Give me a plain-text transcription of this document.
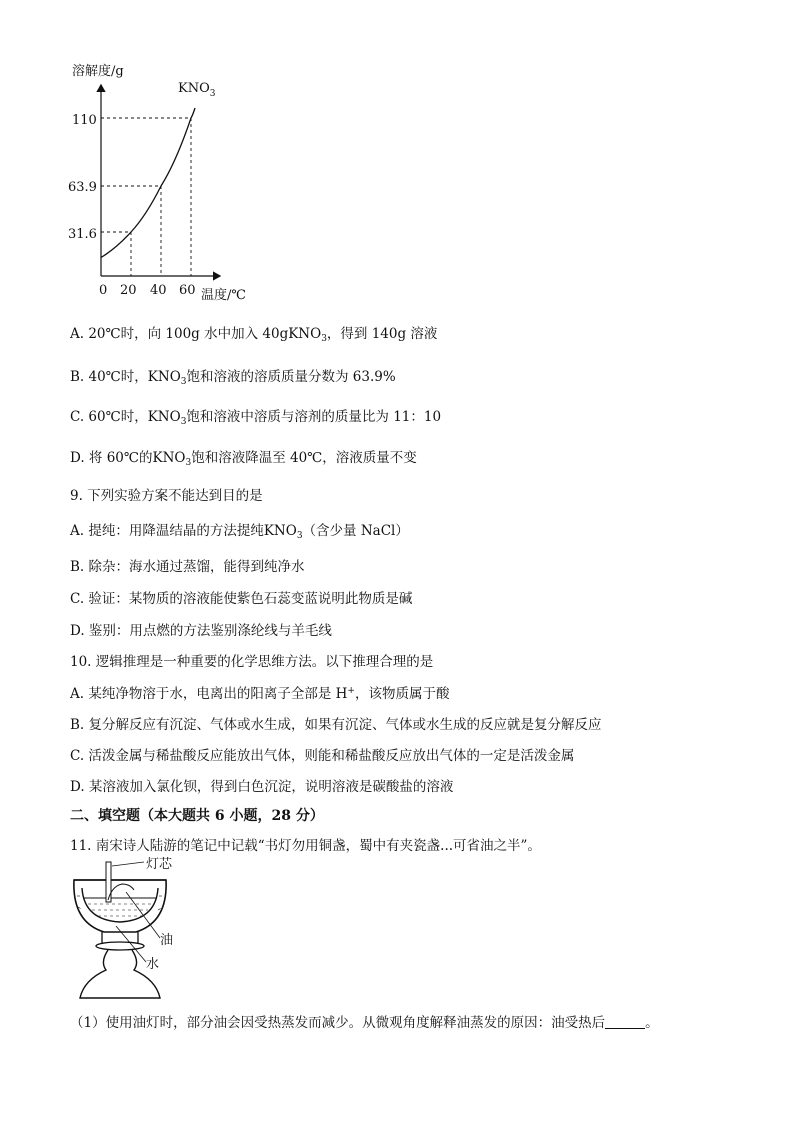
溶解度/g
$KNO_3$
0 20 40 60 温度/℃
110
63.9
31.6
A. 20℃时，向 100g 水中加入 40gKNO$_3$，得到 140g 溶液
B. 40℃时，$KNO_3$饱和溶液的溶质质量分数为 63.9%
C. 60℃时，$KNO_3$饱和溶液中溶质与溶剂的质量比为 11：10
D. 将 60℃的$KNO_3$饱和溶液降温至 40℃，溶液质量不变
9. 下列实验方案不能达到目的是
A. 提纯：用降温结晶的方法提纯$KNO_3$（含少量 NaCl）
B. 除杂：海水通过蒸馏，能得到纯净水
C. 验证：某物质的溶液能使紫色石蕊变蓝说明此物质是碱
D. 鉴别：用点燃的方法鉴别涤纶线与羊毛线
10. 逻辑推理是一种重要的化学思维方法。以下推理合理的是
A. 某纯净物溶于水，电离出的阳离子全部是 H+，该物质属于酸
B. 复分解反应有沉淀、气体或水生成，如果有沉淀、气体或水生成的反应就是复分解反应
C. 活泼金属与稀盐酸反应能放出气体，则能和稀盐酸反应放出气体的一定是活泼金属
D. 某溶液加入氯化钡，得到白色沉淀，说明溶液是碳酸盐的溶液
二、填空题（本大题共 6 小题，28 分）
11. 南宋诗人陆游的笔记中记载“书灯勿用铜盏，蜀中有夹瓷盏...可省油之半”。
灯芯
油
水
（1）使用油灯时，部分油会因受热蒸发而减少。从微观角度解释油蒸发的原因：油受热后	。
